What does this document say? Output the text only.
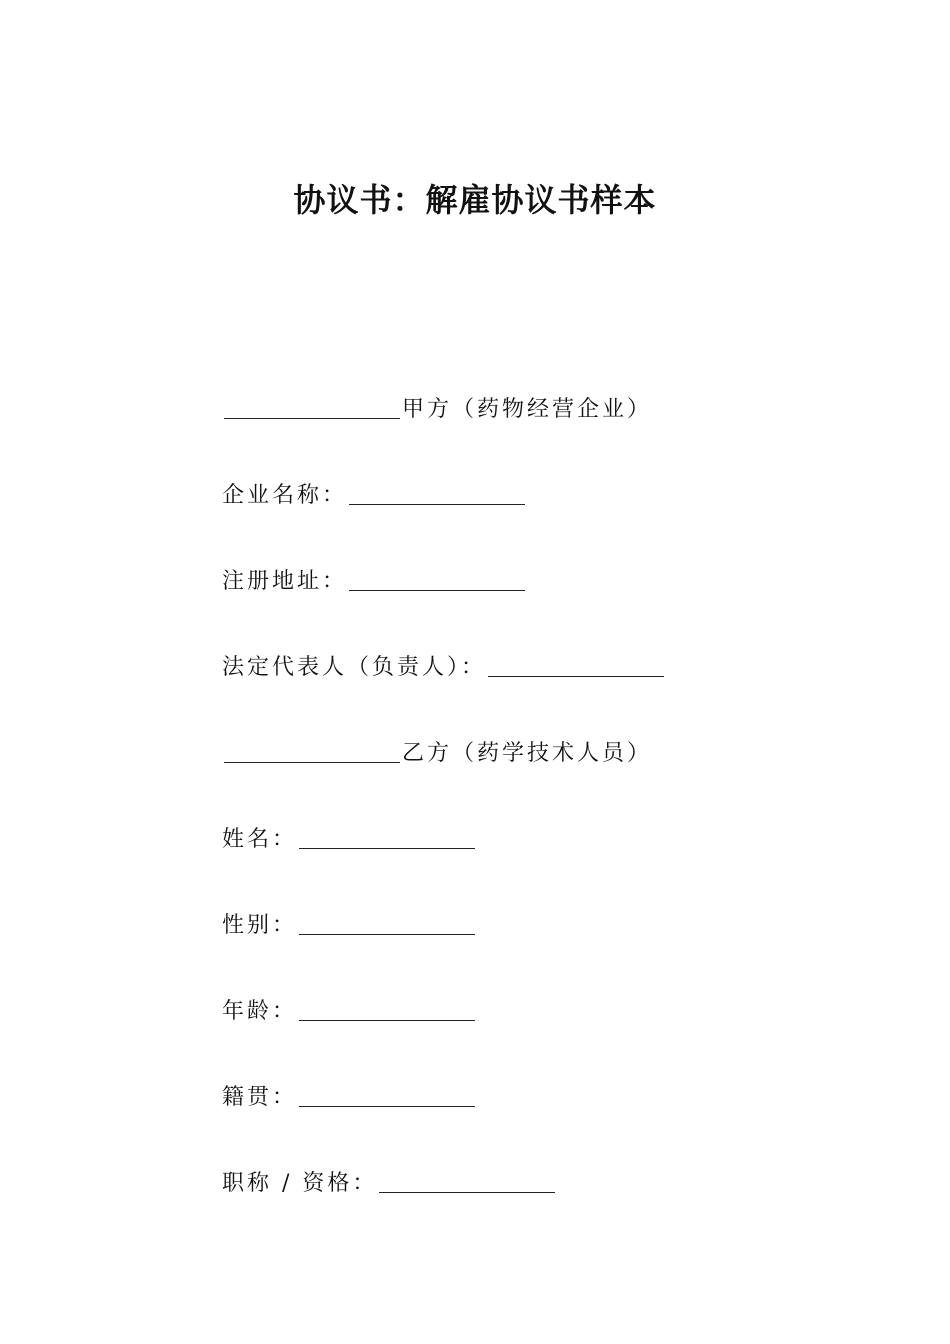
协议书：解雇协议书样本
甲方（药物经营企业）
企业名称：
注册地址：
法定代表人（负责人）：
乙方（药学技术人员）
姓名：
性别：
年龄：
籍贯：
职称 / 资格：
